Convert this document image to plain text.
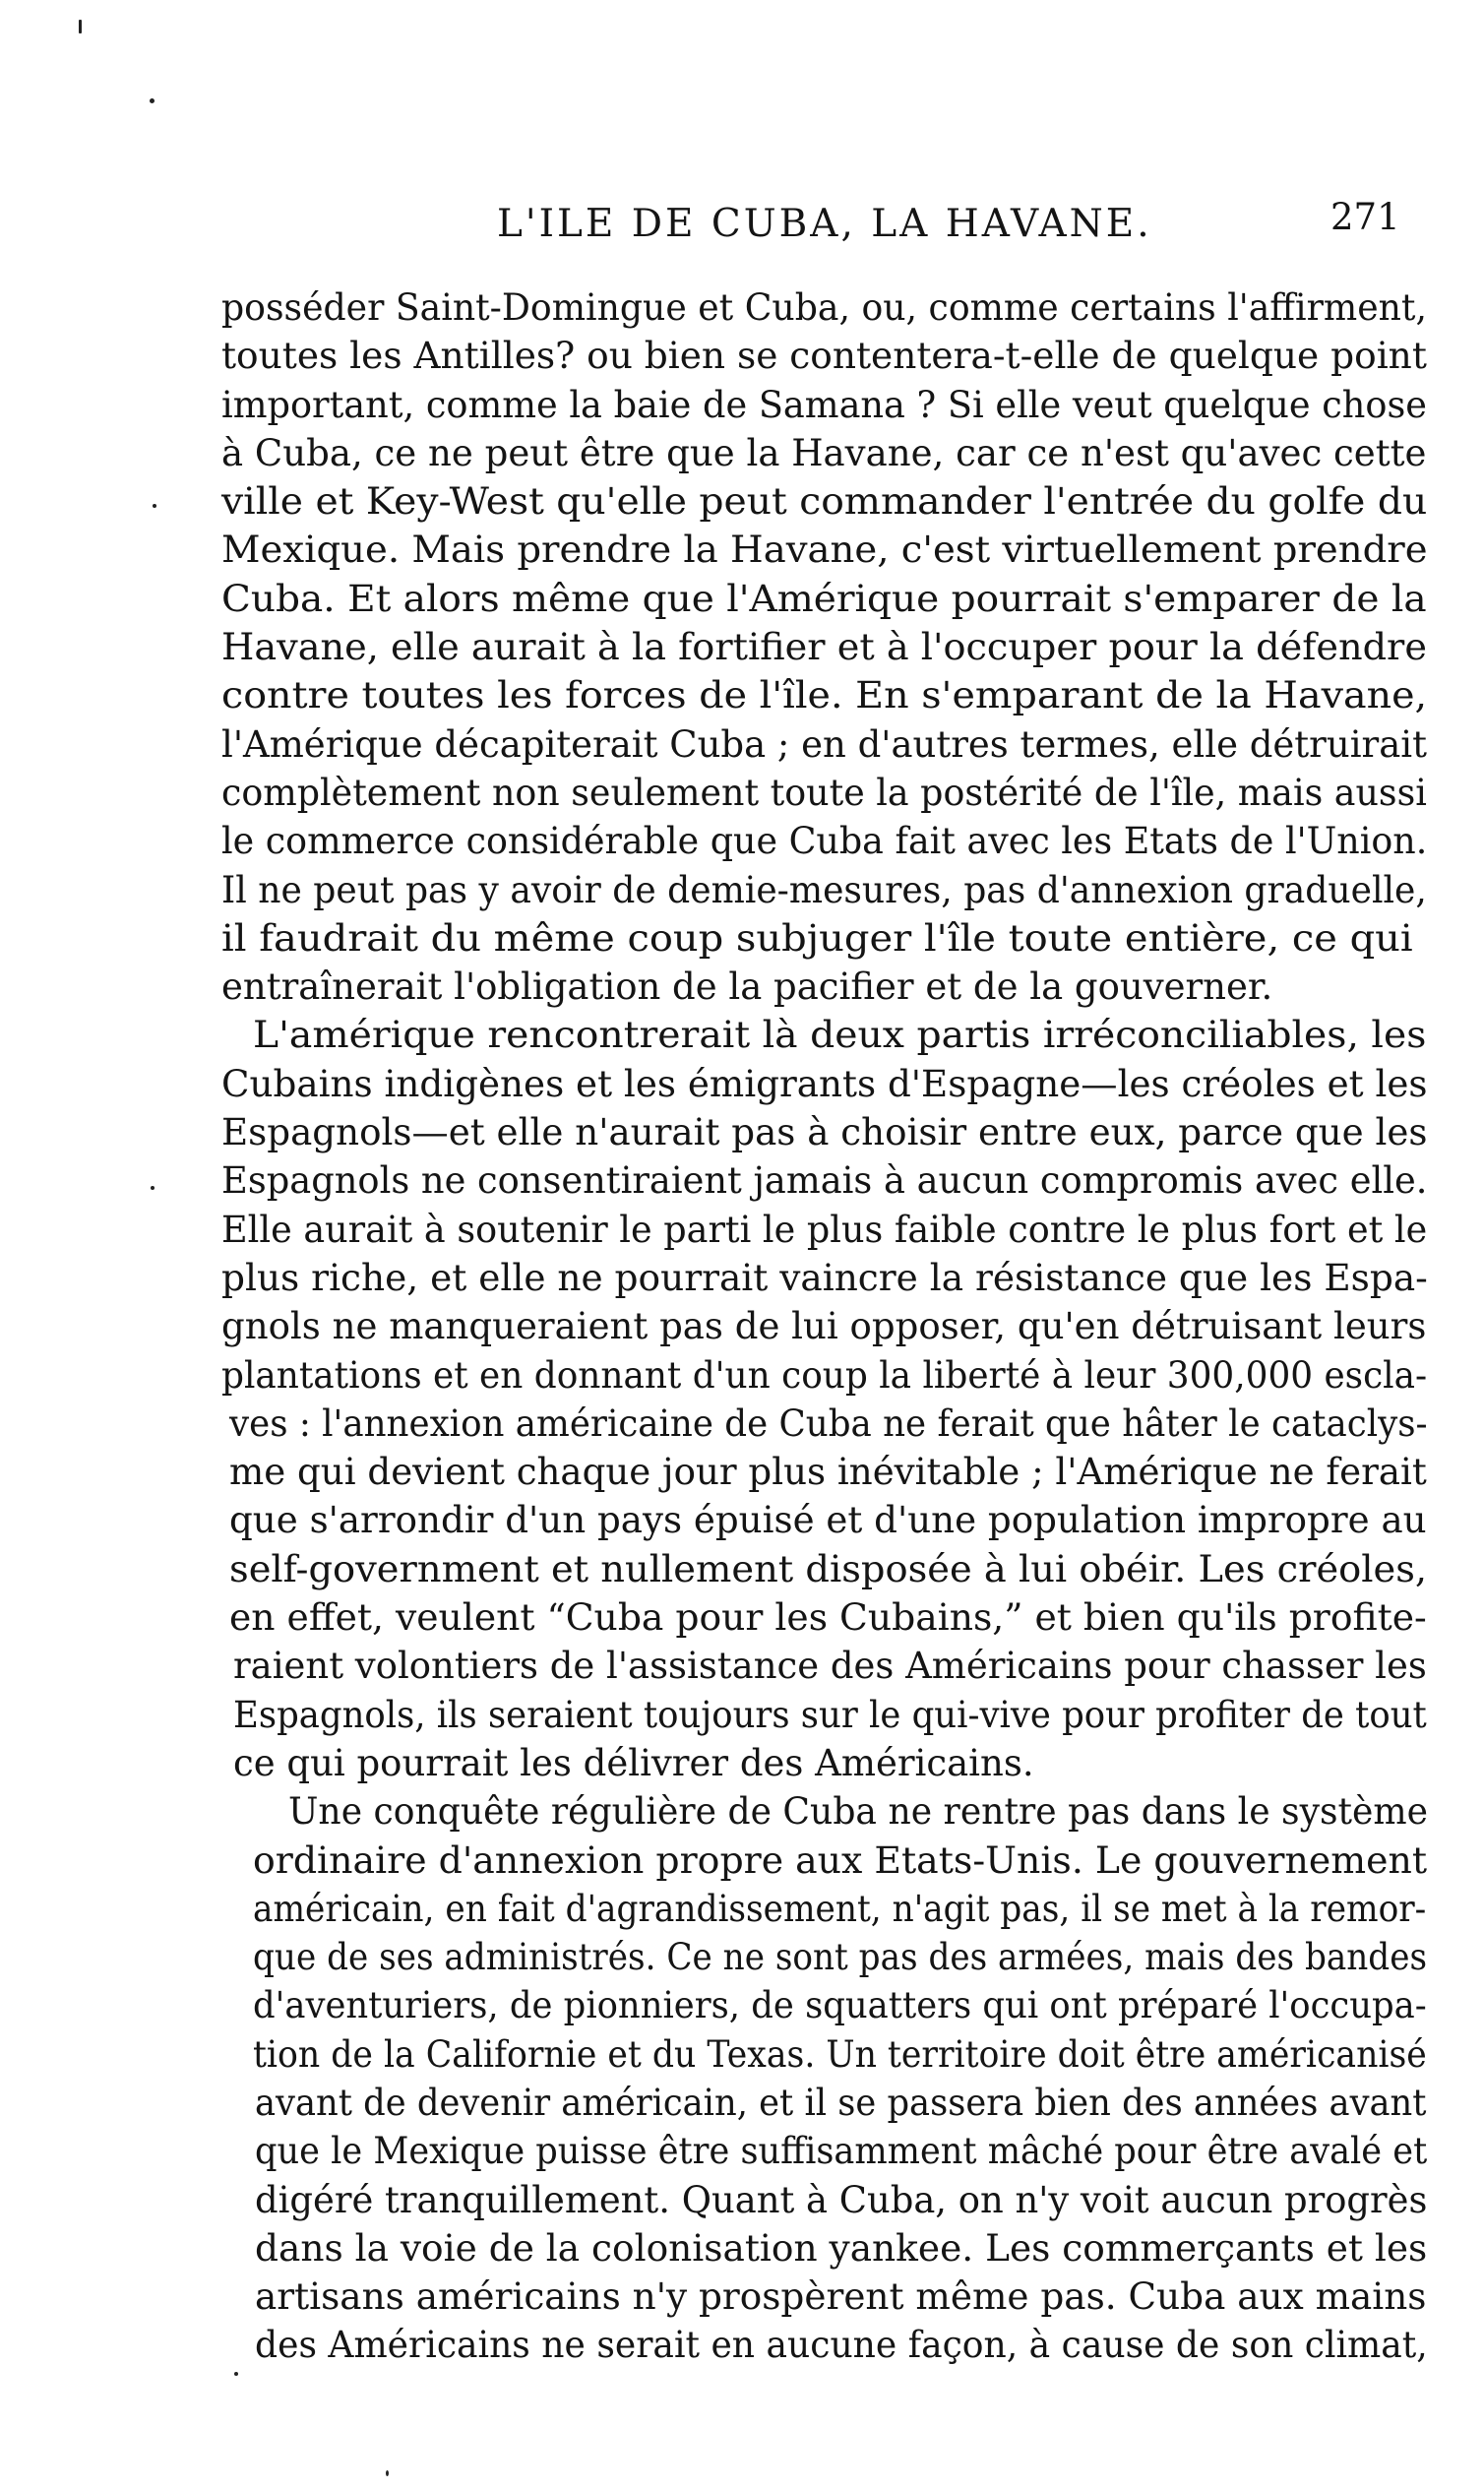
L'ILE DE CUBA, LA HAVANE.	271
posséder Saint-Domingue et Cuba, ou, comme certains l'affirment,
toutes les Antilles? ou bien se contentera-t-elle de quelque point
important, comme la baie de Samana ? Si elle veut quelque chose
à Cuba, ce ne peut être que la Havane, car ce n'est qu'avec cette
ville et Key-West qu'elle peut commander l'entrée du golfe du
Mexique. Mais prendre la Havane, c'est virtuellement prendre
Cuba. Et alors même que l'Amérique pourrait s'emparer de la
Havane, elle aurait à la fortifier et à l'occuper pour la défendre
contre toutes les forces de l'île. En s'emparant de la Havane,
l'Amérique décapiterait Cuba ; en d'autres termes, elle détruirait
complètement non seulement toute la postérité de l'île, mais aussi
le commerce considérable que Cuba fait avec les Etats de l'Union.
Il ne peut pas y avoir de demie-mesures, pas d'annexion graduelle,
il faudrait du même coup subjuger l'île toute entière, ce qui
entraînerait l'obligation de la pacifier et de la gouverner.
L'amérique rencontrerait là deux partis irréconciliables, les
Cubains indigènes et les émigrants d'Espagne—les créoles et les
Espagnols—et elle n'aurait pas à choisir entre eux, parce que les
Espagnols ne consentiraient jamais à aucun compromis avec elle.
Elle aurait à soutenir le parti le plus faible contre le plus fort et le
plus riche, et elle ne pourrait vaincre la résistance que les Espa-
gnols ne manqueraient pas de lui opposer, qu'en détruisant leurs
plantations et en donnant d'un coup la liberté à leur 300,000 escla-
ves : l'annexion américaine de Cuba ne ferait que hâter le cataclys-
me qui devient chaque jour plus inévitable ; l'Amérique ne ferait
que s'arrondir d'un pays épuisé et d'une population impropre au
self-government et nullement disposée à lui obéir. Les créoles,
en effet, veulent “Cuba pour les Cubains,” et bien qu'ils profite-
raient volontiers de l'assistance des Américains pour chasser les
Espagnols, ils seraient toujours sur le qui-vive pour profiter de tout
ce qui pourrait les délivrer des Américains.
Une conquête régulière de Cuba ne rentre pas dans le système
ordinaire d'annexion propre aux Etats-Unis. Le gouvernement
américain, en fait d'agrandissement, n'agit pas, il se met à la remor-
que de ses administrés. Ce ne sont pas des armées, mais des bandes
d'aventuriers, de pionniers, de squatters qui ont préparé l'occupa-
tion de la Californie et du Texas. Un territoire doit être américanisé
avant de devenir américain, et il se passera bien des années avant
que le Mexique puisse être suffisamment mâché pour être avalé et
digéré tranquillement. Quant à Cuba, on n'y voit aucun progrès
dans la voie de la colonisation yankee. Les commerçants et les
artisans américains n'y prospèrent même pas. Cuba aux mains
des Américains ne serait en aucune façon, à cause de son climat,
